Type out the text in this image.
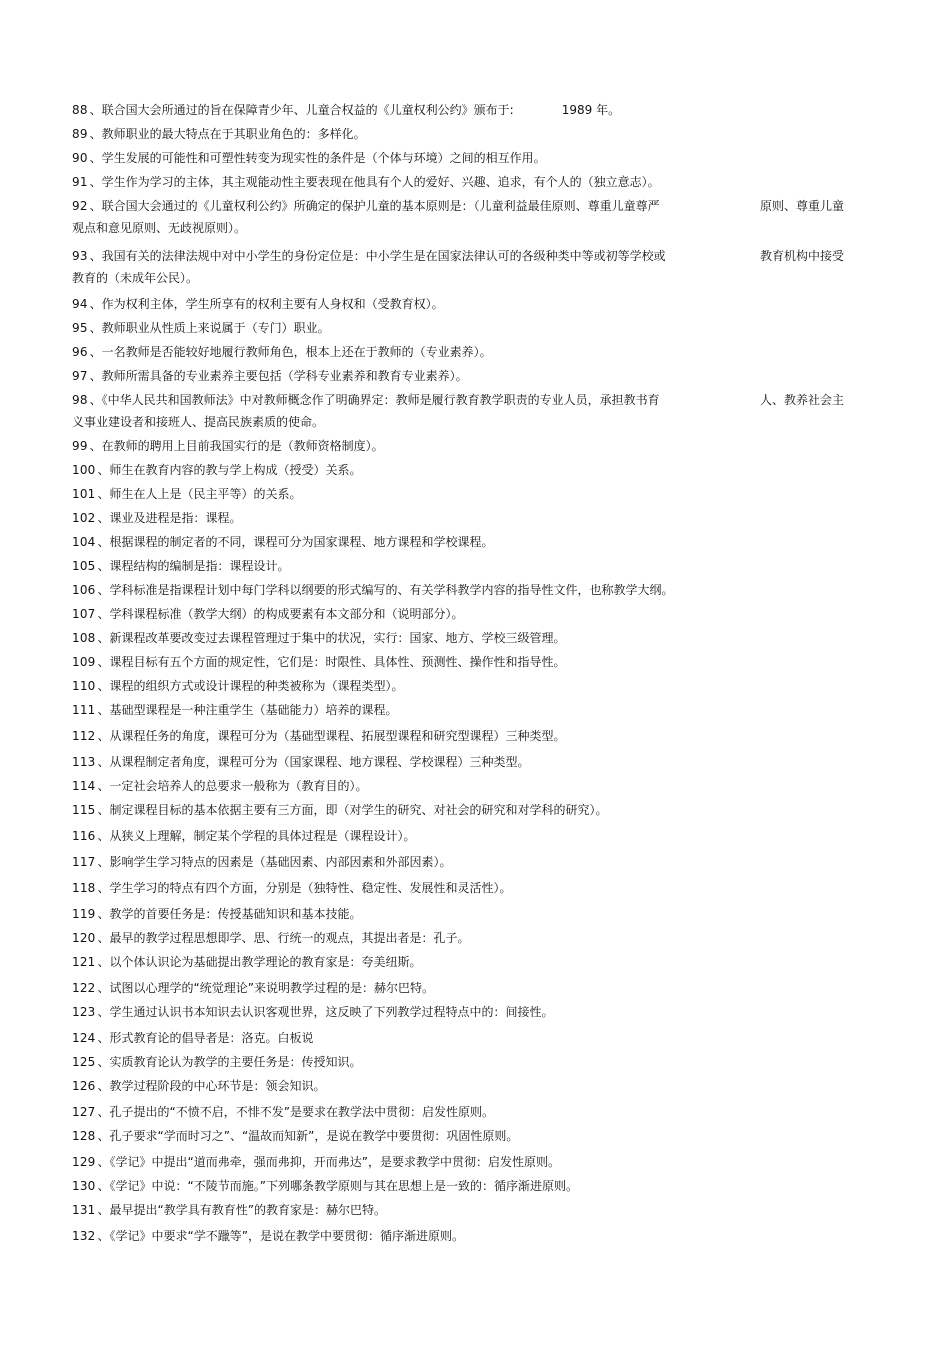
88 、联合国大会所通过的旨在保障青少年、儿童合权益的《儿童权利公约》颁布于:	1989 年。
89 、教师职业的最大特点在于其职业角色的：多样化。
90 、学生发展的可能性和可塑性转变为现实性的条件是（个体与环境）之间的相互作用。
91 、学生作为学习的主体，其主观能动性主要表现在他具有个人的爱好、兴趣、追求，有个人的（独立意志）。
92 、联合国大会通过的《儿童权利公约》所确定的保护儿童的基本原则是：（儿童利益最佳原则、尊重儿童尊严	原则、尊重儿童
观点和意见原则、无歧视原则）。
93 、我国有关的法律法规中对中小学生的身份定位是：中小学生是在国家法律认可的各级种类中等或初等学校或	教育机构中接受
教育的（未成年公民）。
94 、作为权利主体，学生所享有的权利主要有人身权和（受教育权）。
95 、教师职业从性质上来说属于（专门）职业。
96 、一名教师是否能较好地履行教师角色，根本上还在于教师的（专业素养）。
97 、教师所需具备的专业素养主要包括（学科专业素养和教育专业素养）。
98 、《中华人民共和国教师法》中对教师概念作了明确界定：教师是履行教育教学职责的专业人员，承担教书育	人、教养社会主
义事业建设者和接班人、提高民族素质的使命。
99 、在教师的聘用上目前我国实行的是（教师资格制度）。
100 、师生在教育内容的教与学上构成（授受）关系。
101 、师生在人上是（民主平等）的关系。
102 、课业及进程是指：课程。
104 、根据课程的制定者的不同，课程可分为国家课程、地方课程和学校课程。
105 、课程结构的编制是指：课程设计。
106 、学科标准是指课程计划中每门学科以纲要的形式编写的、有关学科教学内容的指导性文件，也称教学大纲。
107 、学科课程标准（教学大纲）的构成要素有本文部分和（说明部分）。
108 、新课程改革要改变过去课程管理过于集中的状况，实行：国家、地方、学校三级管理。
109 、课程目标有五个方面的规定性，它们是：时限性、具体性、预测性、操作性和指导性。
110 、课程的组织方式或设计课程的种类被称为（课程类型）。
111 、基础型课程是一种注重学生（基础能力）培养的课程。
112 、从课程任务的角度，课程可分为（基础型课程、拓展型课程和研究型课程）三种类型。
113 、从课程制定者角度，课程可分为（国家课程、地方课程、学校课程）三种类型。
114 、一定社会培养人的总要求一般称为（教育目的）。
115 、制定课程目标的基本依据主要有三方面，即（对学生的研究、对社会的研究和对学科的研究）。
116 、从狭义上理解，制定某个学程的具体过程是（课程设计）。
117 、影响学生学习特点的因素是（基础因素、内部因素和外部因素）。
118 、学生学习的特点有四个方面，分别是（独特性、稳定性、发展性和灵活性）。
119 、教学的首要任务是：传授基础知识和基本技能。
120 、最早的教学过程思想即学、思、行统一的观点，其提出者是：孔子。
121 、以个体认识论为基础提出教学理论的教育家是：夸美纽斯。
122 、试图以心理学的“统觉理论”来说明教学过程的是：赫尔巴特。
123 、学生通过认识书本知识去认识客观世界，这反映了下列教学过程特点中的：间接性。
124 、形式教育论的倡导者是：洛克。白板说
125 、实质教育论认为教学的主要任务是：传授知识。
126 、教学过程阶段的中心环节是：领会知识。
127 、孔子提出的“不愤不启，不悱不发”是要求在教学法中贯彻：启发性原则。
128 、孔子要求“学而时习之”、“温故而知新”，是说在教学中要贯彻：巩固性原则。
129 、《学记》中提出“道而弗牵，强而弗抑，开而弗达”，是要求教学中贯彻：启发性原则。
130 、《学记》中说：“不陵节而施。”下列哪条教学原则与其在思想上是一致的：循序渐进原则。
131 、最早提出“教学具有教育性”的教育家是：赫尔巴特。
132 、《学记》中要求“学不躐等”，是说在教学中要贯彻：循序渐进原则。
